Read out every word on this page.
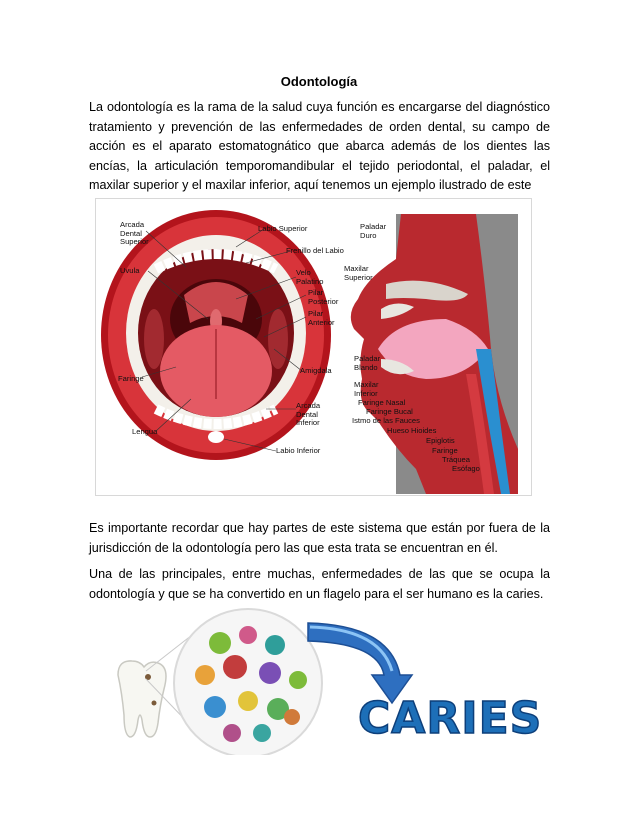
Odontología

La odontología es la rama de la salud cuya función es encargarse del diagnóstico tratamiento y prevención de las enfermedades de orden dental, su campo de acción es el aparato estomatognático que abarca además de los dientes las encías, la articulación temporomandibular el tejido periodontal, el paladar, el maxilar superior y el maxilar inferior, aquí tenemos un ejemplo ilustrado de este

Arcada
Dental
Superior
Labio Superior
Frenillo del Labio
Uvula	Velo
Palatino
Pilar
Posterior
Pilar
Anterior
Faringe
Amigdala
Arcada
Dental
Inferior
Lengua
Labio Inferior
Paladar
Duro
Maxilar
Superior
Paladar
Blando
Maxilar
Inferior
Faringe Nasal
Faringe Bucal
Istmo de las Fauces
Hueso Hioides
Epiglotis
Faringe
Tráquea
Esófago

Es importante recordar que hay partes de este sistema que están por fuera de la jurisdicción de la odontología pero las que esta trata se encuentran en él.

Una de las principales, entre muchas, enfermedades de las que se ocupa la odontología y que se ha convertido en un flagelo para el ser humano es la caries.

CARIES
